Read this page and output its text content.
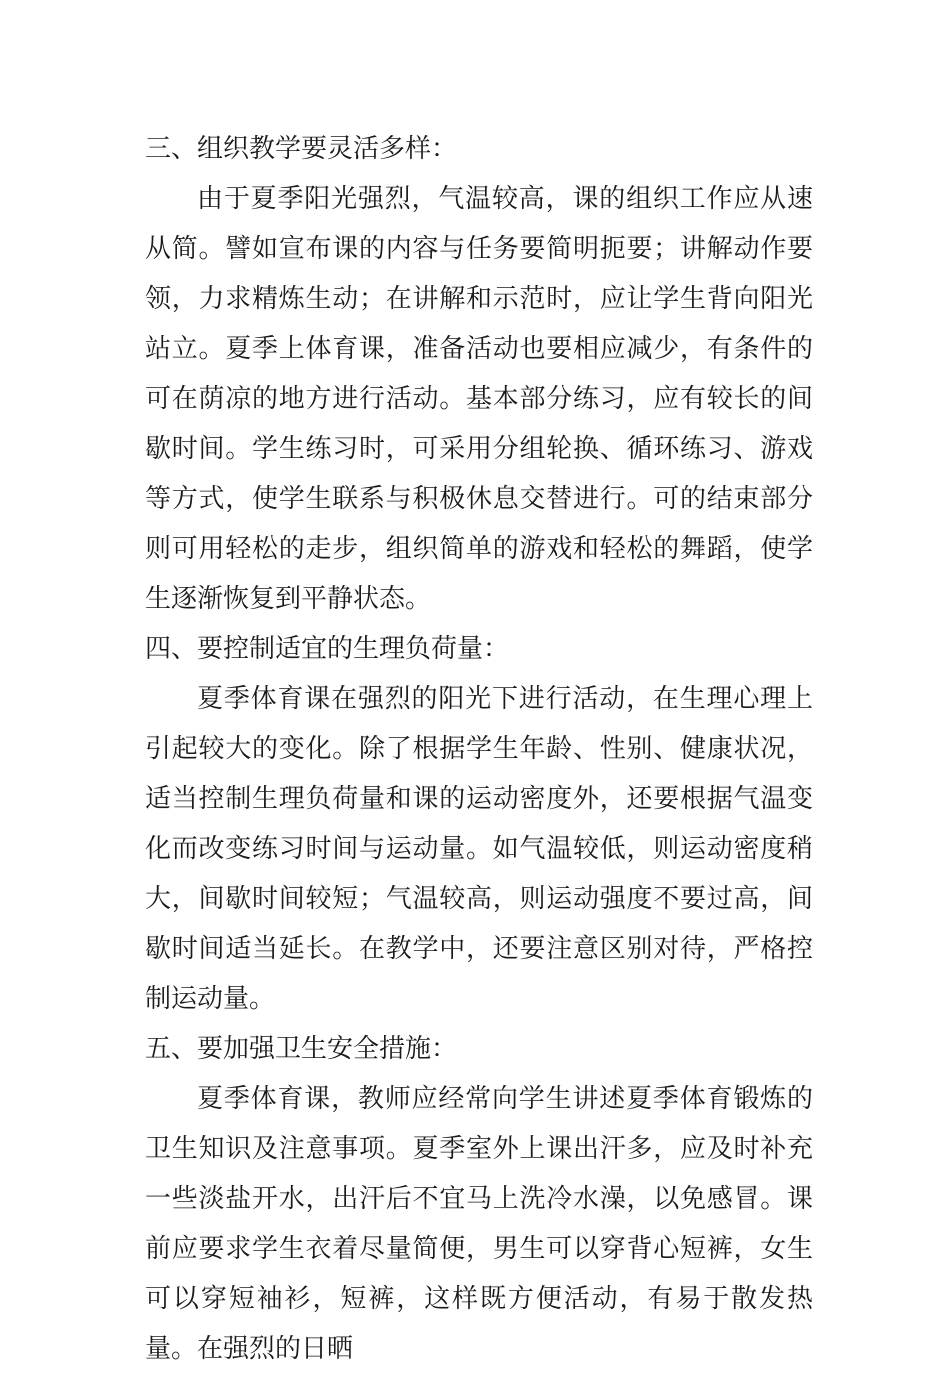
三、组织教学要灵活多样：

由于夏季阳光强烈，气温较高，课的组织工作应从速从简。譬如宣布课的内容与任务要简明扼要；讲解动作要领，力求精炼生动；在讲解和示范时，应让学生背向阳光站立。夏季上体育课，准备活动也要相应减少，有条件的可在荫凉的地方进行活动。基本部分练习，应有较长的间歇时间。学生练习时，可采用分组轮换、循环练习、游戏等方式，使学生联系与积极休息交替进行。可的结束部分则可用轻松的走步，组织简单的游戏和轻松的舞蹈，使学生逐渐恢复到平静状态。

四、要控制适宜的生理负荷量：

夏季体育课在强烈的阳光下进行活动，在生理心理上引起较大的变化。除了根据学生年龄、性别、健康状况，适当控制生理负荷量和课的运动密度外，还要根据气温变化而改变练习时间与运动量。如气温较低，则运动密度稍大，间歇时间较短；气温较高，则运动强度不要过高，间歇时间适当延长。在教学中，还要注意区别对待，严格控制运动量。

五、要加强卫生安全措施：

夏季体育课，教师应经常向学生讲述夏季体育锻炼的卫生知识及注意事项。夏季室外上课出汗多，应及时补充一些淡盐开水，出汗后不宜马上洗冷水澡，以免感冒。课前应要求学生衣着尽量简便，男生可以穿背心短裤，女生可以穿短袖衫，短裤，这样既方便活动，有易于散发热量。在强烈的日晒
